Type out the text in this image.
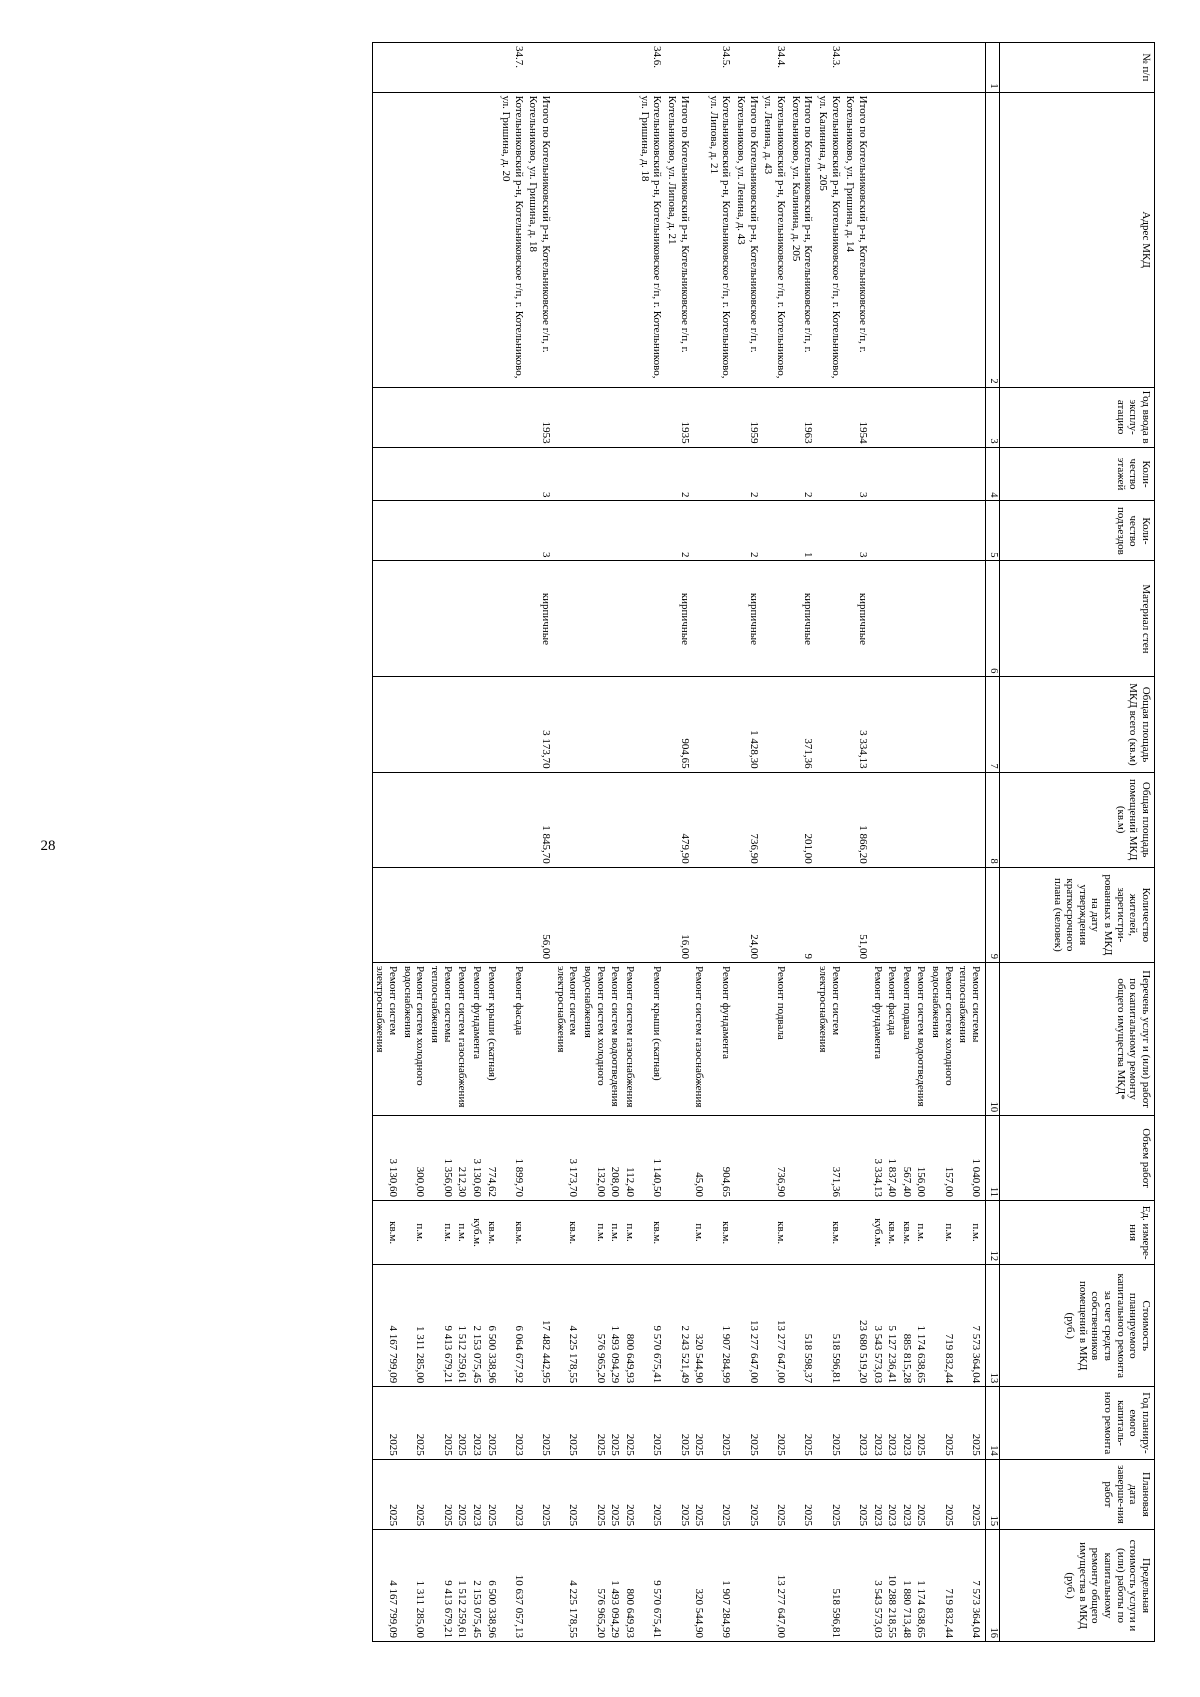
28
№ п/п	Адрес МКД	Год ввода в эксплу-атацию	Коли-чество этажей	Коли-чество подъездов	Материал стен	Общая площадь МКД всего (кв.м)	Общая площадь помещений МКД (кв.м)	Количество жителей, зарегистри-рованных в МКД на дату утверждения краткосрочного плана (человек)	Перечень услуг и (или) работ по капитальному ремонту общего имущества МКД*	Объем работ	Ед. измере-ния	Стоимость планируемого капитального ремонта за счет средств собственников помещений в МКД (руб.)	Год планиру-емого капиталь-ного ремонта	Плановая дата заверше-ния работ	Предельная стоимость услуги и (или) работы по капитальному ремонту общего имущества в МКД (руб.)
1	2	3	4	5	6	7	8	9	10	11	12	13	14	15	16
									Ремонт системы теплоснабжения	1 040,00	п.м.	7 573 364,04	2025	2025	7 573 364,04
									Ремонт систем холодного водоснабжения	157,00	п.м.	719 832,44	2025	2025	719 832,44
									Ремонт систем водоотведения	156,00	п.м.	1 174 638,65	2025	2025	1 174 638,65
									Ремонт подвала	567,40	кв.м.	885 815,28	2023	2023	1 880 713,48
									Ремонт фасада	1 837,40	кв.м.	5 127 236,41	2023	2023	10 288 218,55
									Ремонт фундамента	3 334,13	куб.м.	3 543 573,03	2023	2023	3 543 573,03
	Итого по Котельниковский р-н, Котельниковское г/п, г. Котельниково, ул. Гришина, д. 14	1954	3	3	кирпичные	3 334,13	1 866,20	51,00				23 680 519,20	2023	2025	
34.3.	Котельниковский р-н, Котельниковское г/п, г. Котельниково, ул. Калинина, д. 205								Ремонт систем электроснабжения	371,36	кв.м.	518 596,81	2025	2025	518 596,81
	Итого по Котельниковский р-н, Котельниковское г/п, г. Котельниково, ул. Калинина, д. 205	1963	2	1	кирпичные	371,36	201,00	9				518 598,37	2025	2025	
34.4.	Котельниковский р-н, Котельниковское г/п, г. Котельниково, ул. Ленина, д. 43								Ремонт подвала	736,90	кв.м.	13 277 647,00	2025	2025	13 277 647,00
	Итого по Котельниковский р-н, Котельниковское г/п, г. Котельниково, ул. Ленина, д. 43	1959	2	2	кирпичные	1 428,30	736,90	24,00				13 277 647,00	2025	2025	
34.5.	Котельниковский р-н, Котельниковское г/п, г. Котельниково, ул. Липова, д. 21								Ремонт фундамента	904,65	кв.м.	1 907 284,99	2025	2025	1 907 284,99
									Ремонт систем газоснабжения	45,00	п.м.	320 544,90	2025	2025	320 544,90
	Итого по Котельниковский р-н, Котельниковское г/п, г. Котельниково, ул. Липова, д. 21	1935	2	2	кирпичные	904,65	479,90	16,00				2 243 521,49	2025	2025	
34.6.	Котельниковский р-н, Котельниковское г/п, г. Котельниково, ул. Гришина, д. 18								Ремонт крыши (скатная)	1 140,50	кв.м.	9 570 675,41	2025	2025	9 570 675,41
									Ремонт систем газоснабжения	112,40	п.м.	800 649,93	2025	2025	800 649,93
									Ремонт систем водоотведения	208,00	п.м.	1 493 094,29	2025	2025	1 493 094,29
									Ремонт систем холодного водоснабжения	132,00	п.м.	576 965,20	2025	2025	576 965,20
									Ремонт систем электроснабжения	3 173,70	кв.м.	4 225 178,55	2025	2025	4 225 178,55
	Итого по Котельниковский р-н, Котельниковское г/п, г. Котельниково, ул. Гришина, д. 18	1953	3	3	кирпичные	3 173,70	1 845,70	56,00				17 482 442,95	2025	2025	
34.7.	Котельниковский р-н, Котельниковское г/п, г. Котельниково, ул. Гришина, д. 20								Ремонт фасада	1 899,70	кв.м.	6 064 677,92	2023	2023	10 637 057,13
									Ремонт крыши (скатная)	774,62	кв.м.	6 500 338,96	2025	2025	6 500 338,96
									Ремонт фундамента	3 130,60	куб.м.	2 153 075,45	2023	2023	2 153 075,45
									Ремонт систем газоснабжения	212,30	п.м.	1 512 259,61	2025	2025	1 512 259,61
									Ремонт системы теплоснабжения	1 356,00	п.м.	9 413 679,21	2025	2025	9 413 679,21
									Ремонт систем холодного водоснабжения	300,00	п.м.	1 311 285,00	2025	2025	1 311 285,00
									Ремонт систем электроснабжения	3 130,60	кв.м.	4 167 799,09	2025	2025	4 167 799,09
